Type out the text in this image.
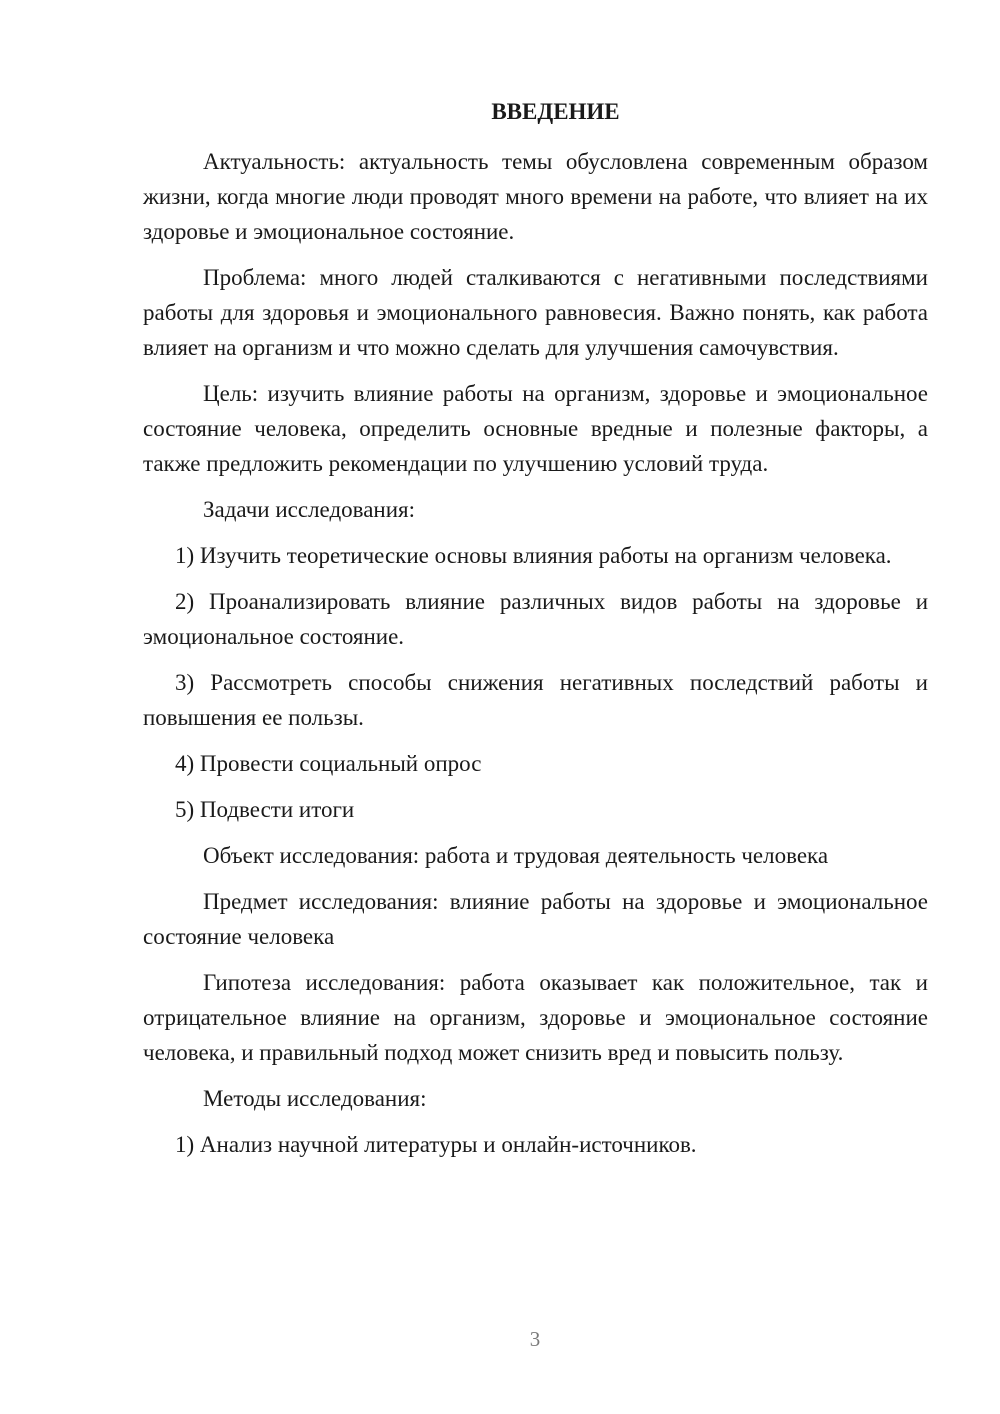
ВВЕДЕНИЕ

Актуальность: актуальность темы обусловлена современным образом жизни, когда многие люди проводят много времени на работе, что влияет на их здоровье и эмоциональное состояние.

Проблема: много людей сталкиваются с негативными последствиями работы для здоровья и эмоционального равновесия. Важно понять, как работа влияет на организм и что можно сделать для улучшения самочувствия.

Цель: изучить влияние работы на организм, здоровье и эмоциональное состояние человека, определить основные вредные и полезные факторы, а также предложить рекомендации по улучшению условий труда.

Задачи исследования:

1) Изучить теоретические основы влияния работы на организм человека.

2) Проанализировать влияние различных видов работы на здоровье и эмоциональное состояние.

3) Рассмотреть способы снижения негативных последствий работы и повышения ее пользы.

4) Провести социальный опрос

5) Подвести итоги

Объект исследования: работа и трудовая деятельность человека

Предмет исследования: влияние работы на здоровье и эмоциональное состояние человека

Гипотеза исследования: работа оказывает как положительное, так и отрицательное влияние на организм, здоровье и эмоциональное состояние человека, и правильный подход может снизить вред и повысить пользу.

Методы исследования:

1) Анализ научной литературы и онлайн-источников.

3
